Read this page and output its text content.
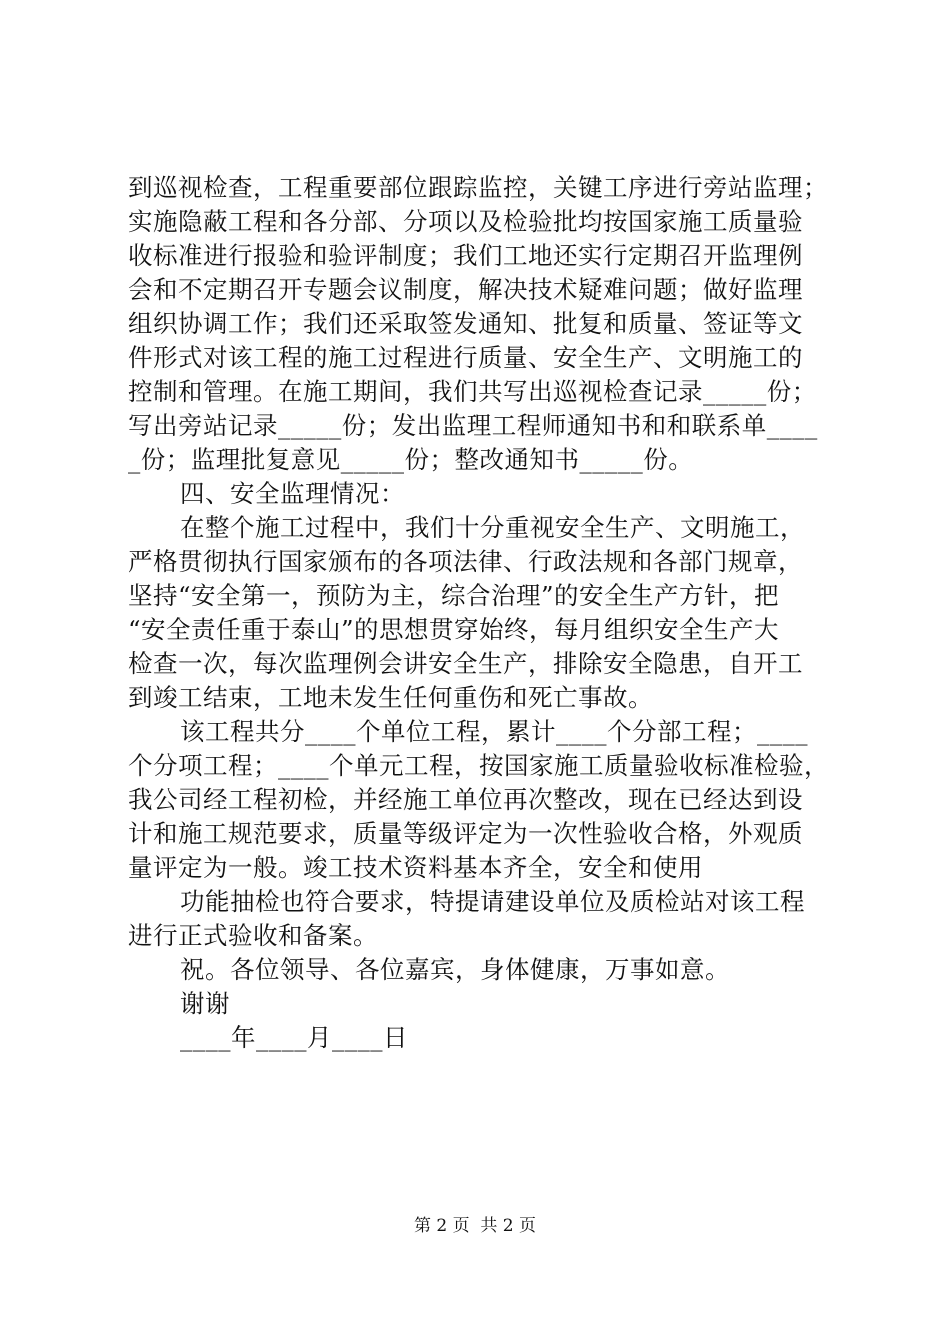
到巡视检查，工程重要部位跟踪监控，关键工序进行旁站监理；
实施隐蔽工程和各分部、分项以及检验批均按国家施工质量验
收标准进行报验和验评制度；我们工地还实行定期召开监理例
会和不定期召开专题会议制度，解决技术疑难问题；做好监理
组织协调工作；我们还采取签发通知、批复和质量、签证等文
件形式对该工程的施工过程进行质量、安全生产、文明施工的
控制和管理。在施工期间，我们共写出巡视检查记录_____份；
写出旁站记录_____份；发出监理工程师通知书和和联系单____
_份；监理批复意见_____份；整改通知书_____份。
四、安全监理情况：
在整个施工过程中，我们十分重视安全生产、文明施工，
严格贯彻执行国家颁布的各项法律、行政法规和各部门规章，
坚持“安全第一，预防为主，综合治理”的安全生产方针，把
“安全责任重于泰山”的思想贯穿始终，每月组织安全生产大
检查一次，每次监理例会讲安全生产，排除安全隐患，自开工
到竣工结束，工地未发生任何重伤和死亡事故。
该工程共分____个单位工程，累计____个分部工程；____
个分项工程；____个单元工程，按国家施工质量验收标准检验，
我公司经工程初检，并经施工单位再次整改，现在已经达到设
计和施工规范要求，质量等级评定为一次性验收合格，外观质
量评定为一般。竣工技术资料基本齐全，安全和使用
功能抽检也符合要求，特提请建设单位及质检站对该工程
进行正式验收和备案。
祝。各位领导、各位嘉宾，身体健康，万事如意。
谢谢
____年____月____日
第 2 页  共 2 页
